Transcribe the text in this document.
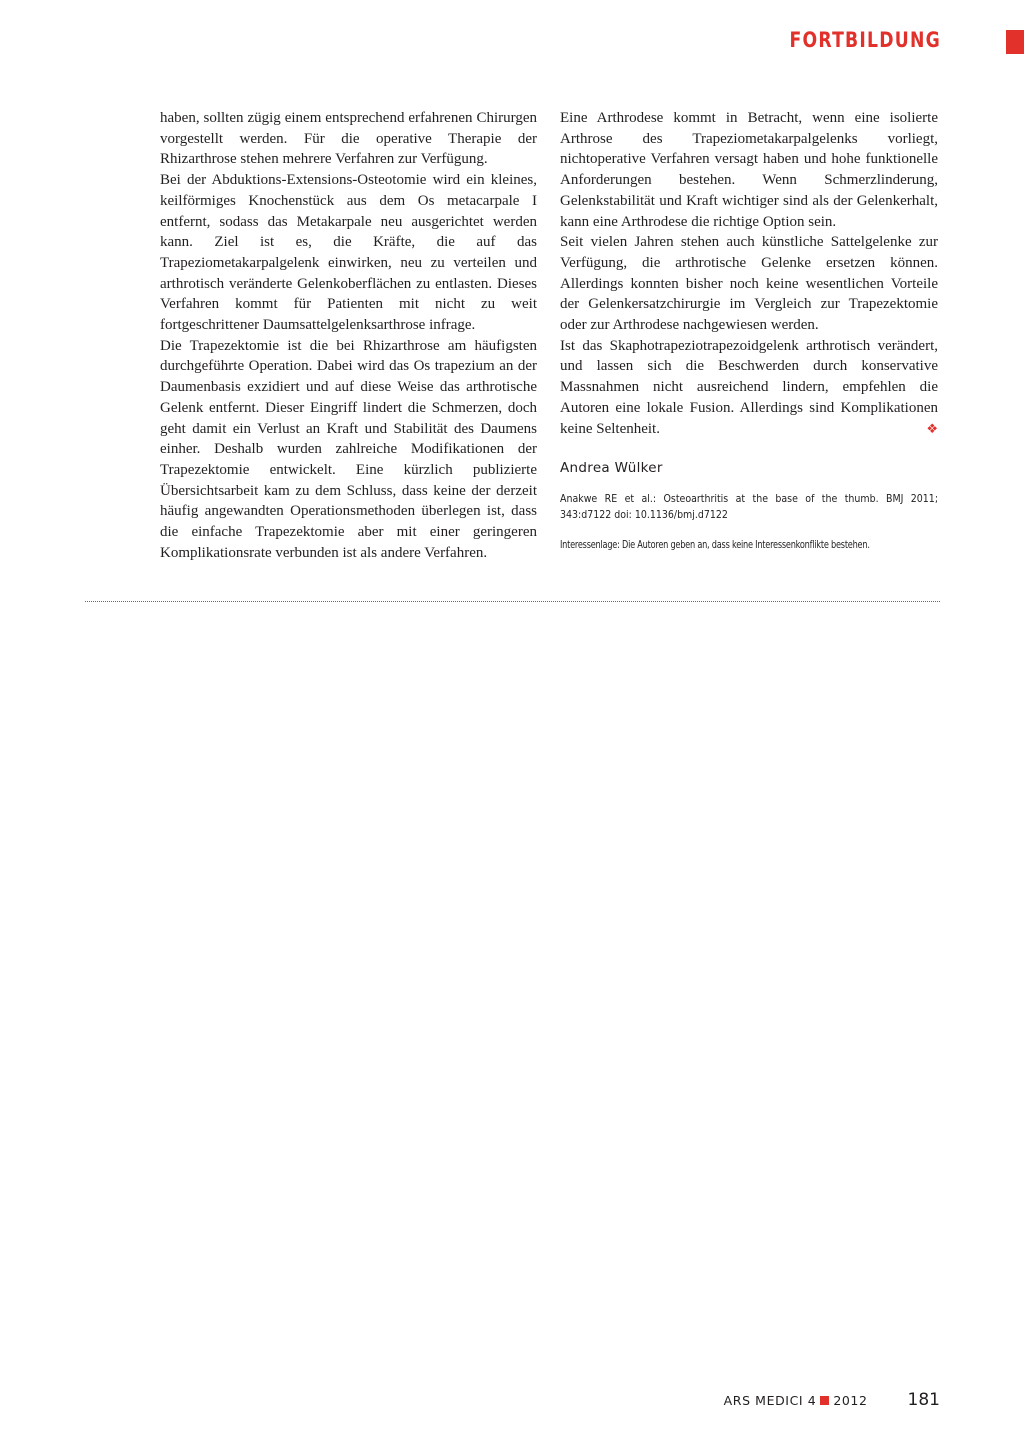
FORTBILDUNG

haben, sollten zügig einem entsprechend erfahrenen Chirurgen vorgestellt werden. Für die operative Therapie der Rhizarthrose stehen mehrere Verfahren zur Verfügung.

Bei der Abduktions-Extensions-Osteotomie wird ein kleines, keilförmiges Knochenstück aus dem Os metacarpale I entfernt, sodass das Metakarpale neu ausgerichtet werden kann. Ziel ist es, die Kräfte, die auf das Trapeziometakarpalgelenk einwirken, neu zu verteilen und arthrotisch veränderte Gelenkoberflächen zu entlasten. Dieses Verfahren kommt für Patienten mit nicht zu weit fortgeschrittener Daumsattelgelenksarthrose infrage.

Die Trapezektomie ist die bei Rhizarthrose am häufigsten durchgeführte Operation. Dabei wird das Os trapezium an der Daumenbasis exzidiert und auf diese Weise das arthrotische Gelenk entfernt. Dieser Eingriff lindert die Schmerzen, doch geht damit ein Verlust an Kraft und Stabilität des Daumens einher. Deshalb wurden zahlreiche Modifikationen der Trapezektomie entwickelt. Eine kürzlich publizierte Übersichtsarbeit kam zu dem Schluss, dass keine der derzeit häufig angewandten Operationsmethoden überlegen ist, dass die einfache Trapezektomie aber mit einer geringeren Komplikationsrate verbunden ist als andere Verfahren.

Eine Arthrodese kommt in Betracht, wenn eine isolierte Arthrose des Trapeziometakarpalgelenks vorliegt, nichtoperative Verfahren versagt haben und hohe funktionelle Anforderungen bestehen. Wenn Schmerzlinderung, Gelenkstabilität und Kraft wichtiger sind als der Gelenkerhalt, kann eine Arthrodese die richtige Option sein.

Seit vielen Jahren stehen auch künstliche Sattelgelenke zur Verfügung, die arthrotische Gelenke ersetzen können. Allerdings konnten bisher noch keine wesentlichen Vorteile der Gelenkersatzchirurgie im Vergleich zur Trapezektomie oder zur Arthrodese nachgewiesen werden.

Ist das Skaphotrapeziotrapezoidgelenk arthrotisch verändert, und lassen sich die Beschwerden durch konservative Massnahmen nicht ausreichend lindern, empfehlen die Autoren eine lokale Fusion. Allerdings sind Komplikationen keine Seltenheit.	❖

Andrea Wülker
Anakwe RE et al.: Osteoarthritis at the base of the thumb. BMJ 2011; 343:d7122 doi: 10.1136/bmj.d7122
Interessenlage: Die Autoren geben an, dass keine Interessenkonflikte bestehen.
ARS MEDICI 4 2012 181
